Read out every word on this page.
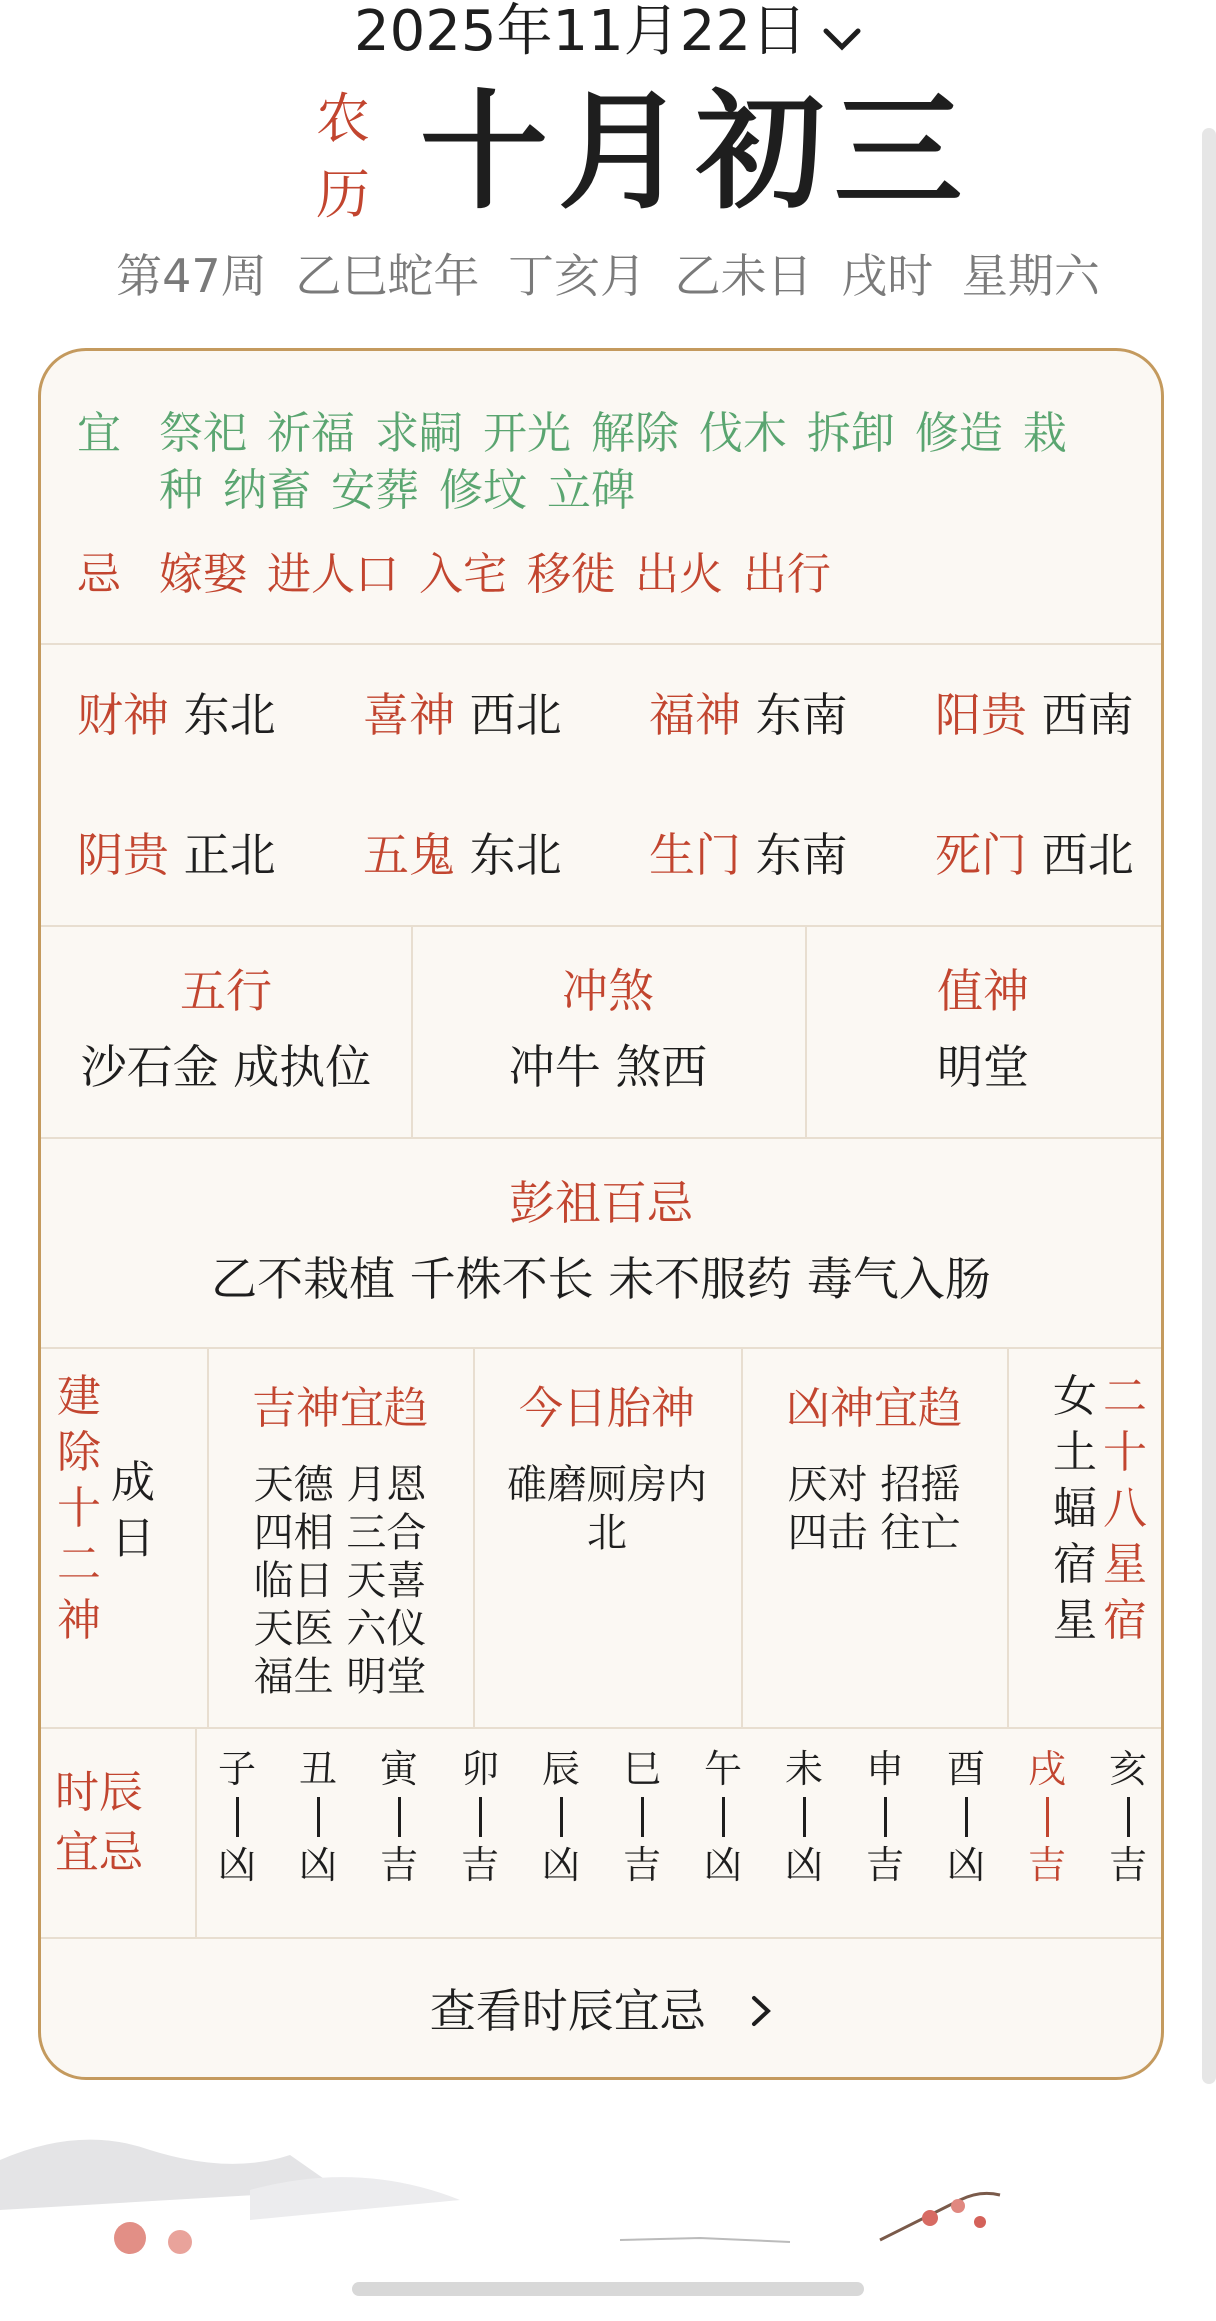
2025年11月22日
农
历 十月初三
第47周 乙巳蛇年 丁亥月 乙未日 戌时 星期六
宜 祭祀 祈福 求嗣 开光 解除 伐木 拆卸 修造 栽
种 纳畜 安葬 修坟 立碑
忌 嫁娶 进人口 入宅 移徙 出火 出行
财神 东北 喜神 西北 福神 东南 阳贵 西南
阴贵 正北 五鬼 东北 生门 东南 死门 西北
五行
沙石金 成执位
冲煞
冲牛 煞西
值神
明堂
彭祖百忌
乙不栽植 千株不长 未不服药 毒气入肠
建
除
十
二
神
成
日
吉神宜趋
天德 月恩
四相 三合
临日 天喜
天医 六仪
福生 明堂
今日胎神
碓磨厕房内
北
凶神宜趋
厌对 招摇
四击 往亡
女
土
蝠
宿
星
二
十
八
星
宿
时辰
宜忌
子
凶
丑
凶
寅
吉
卯
吉
辰
凶
巳
吉
午
凶
未
凶
申
吉
酉
凶
戌
吉
亥
吉
查看时辰宜忌
